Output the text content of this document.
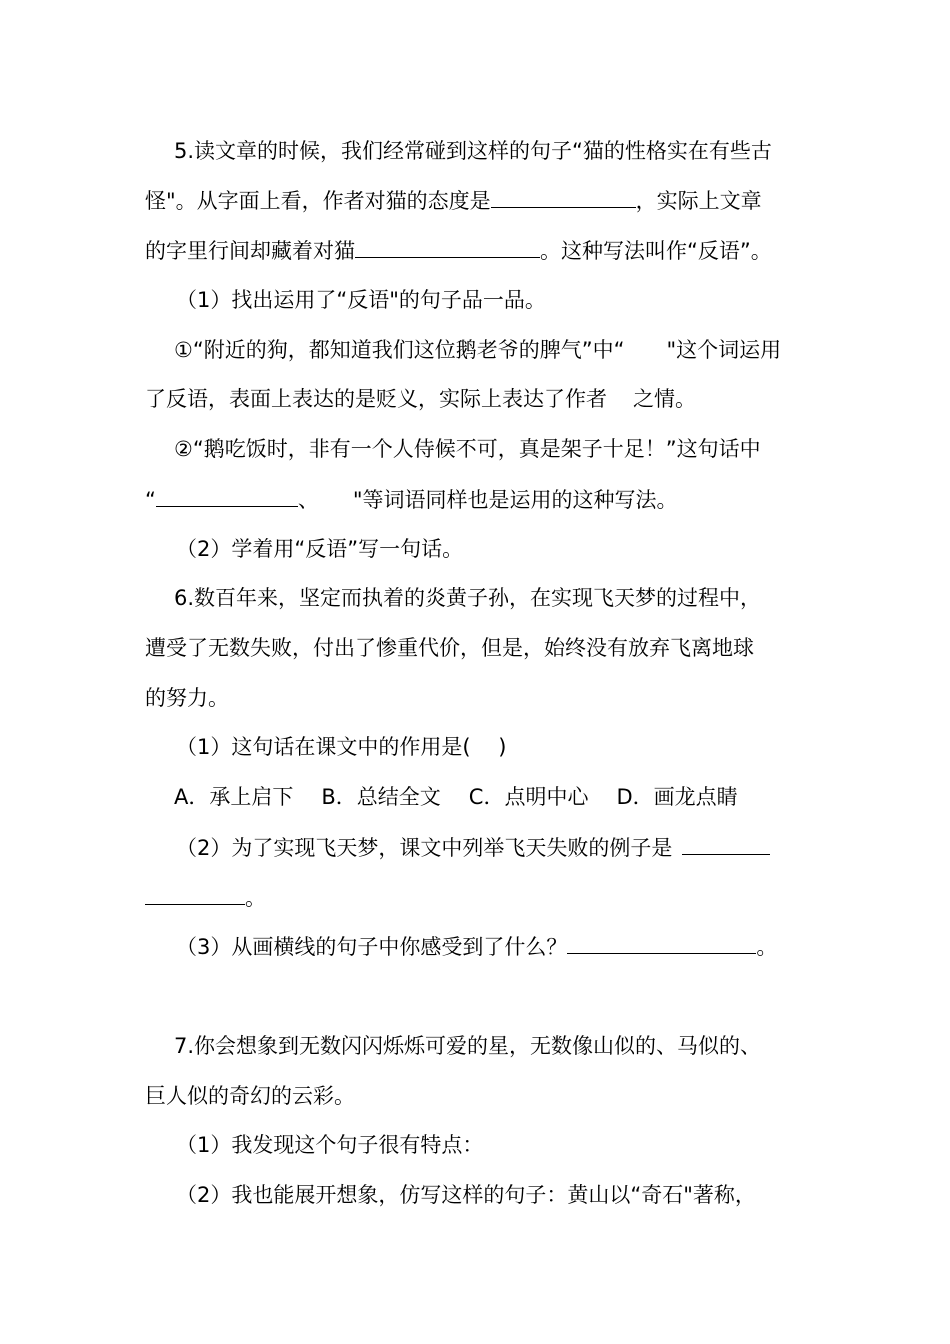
5.读文章的时候，我们经常碰到这样的句子“猫的性格实在有些古
怪"。从字面上看，作者对猫的态度是	，实际上文章
的字里行间却藏着对猫	。这种写法叫作“反语”。
（1）找出运用了“反语"的句子品一品。
①“附近的狗，都知道我们这位鹅老爷的脾气”中“ "这个词运用
了反语，表面上表达的是贬义，实际上表达了作者 之情。
②“鹅吃饭时，非有一个人侍候不可，真是架子十足！”这句话中
“	、 "等词语同样也是运用的这种写法。
（2）学着用“反语”写一句话。
6.数百年来，坚定而执着的炎黄子孙，在实现飞天梦的过程中，
遭受了无数失败，付出了惨重代价，但是，始终没有放弃飞离地球
的努力。
（1）这句话在课文中的作用是(　 )
A．承上启下 B．总结全文 C．点明中心 D．画龙点睛
（2）为了实现飞天梦，课文中列举飞天失败的例子是
。
（3）从画横线的句子中你感受到了什么？	。
7.你会想象到无数闪闪烁烁可爱的星，无数像山似的、马似的、
巨人似的奇幻的云彩。
（1）我发现这个句子很有特点：
（2）我也能展开想象，仿写这样的句子：黄山以“奇石"著称，
